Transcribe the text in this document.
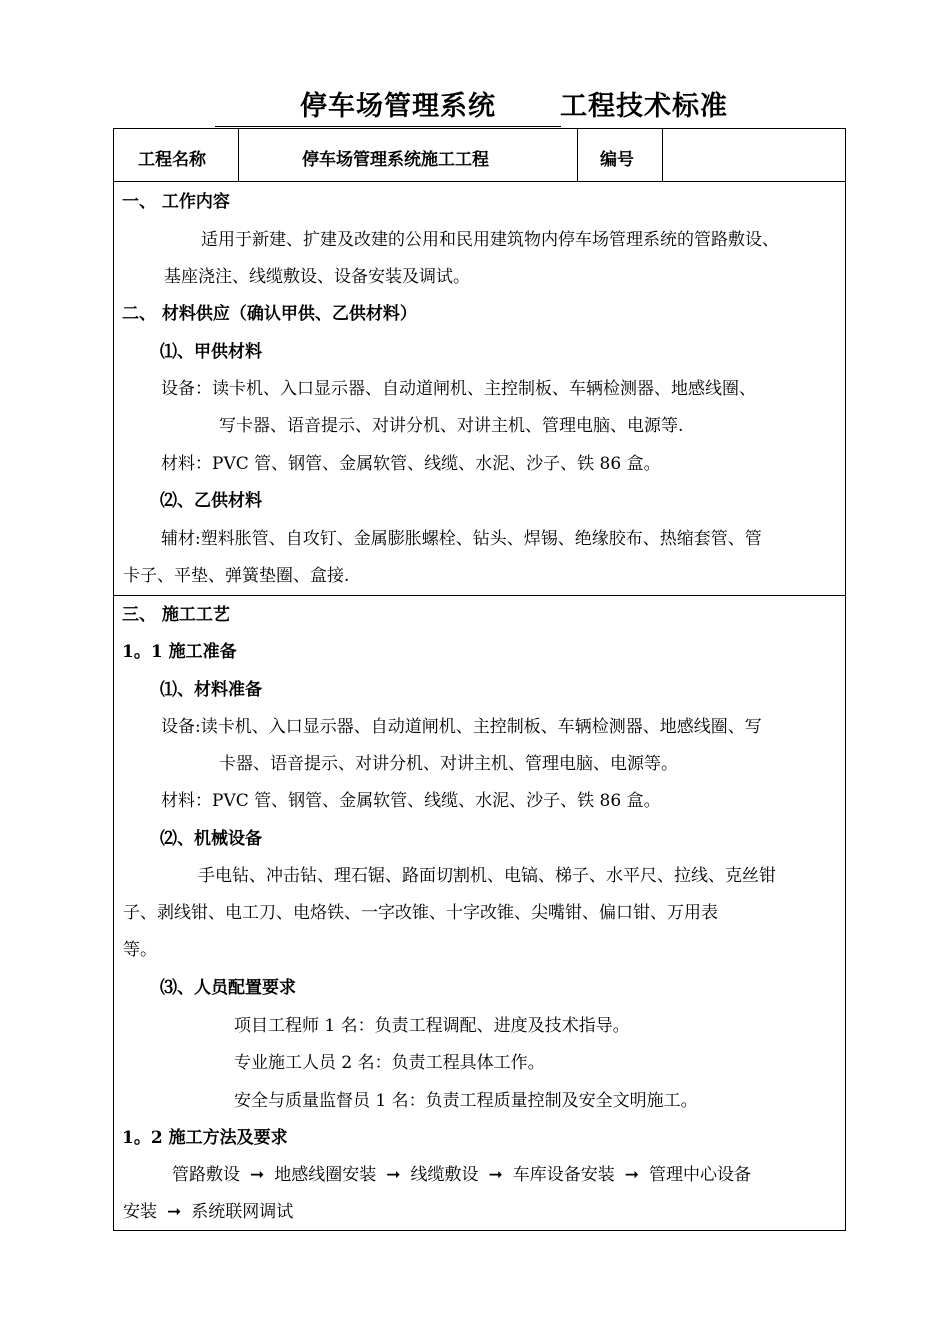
停车场管理系统 工程技术标准
工程名称	停车场管理系统施工工程	编号
一、 工作内容
适用于新建、扩建及改建的公用和民用建筑物内停车场管理系统的管路敷设、
基座浇注、线缆敷设、设备安装及调试。
二、 材料供应（确认甲供、乙供材料）
⑴、甲供材料
设备：读卡机、入口显示器、自动道闸机、主控制板、车辆检测器、地感线圈、
写卡器、语音提示、对讲分机、对讲主机、管理电脑、电源等.
材料：PVC 管、钢管、金属软管、线缆、水泥、沙子、铁 86 盒。
⑵、乙供材料
辅材:塑料胀管、自攻钉、金属膨胀螺栓、钻头、焊锡、绝缘胶布、热缩套管、管
卡子、平垫、弹簧垫圈、盒接.
三、 施工工艺
1。1 施工准备
⑴、材料准备
设备:读卡机、入口显示器、自动道闸机、主控制板、车辆检测器、地感线圈、写
卡器、语音提示、对讲分机、对讲主机、管理电脑、电源等。
材料：PVC 管、钢管、金属软管、线缆、水泥、沙子、铁 86 盒。
⑵、机械设备
手电钻、冲击钻、理石锯、路面切割机、电镐、梯子、水平尺、拉线、克丝钳
子、剥线钳、电工刀、电烙铁、一字改锥、十字改锥、尖嘴钳、偏口钳、万用表
等。
⑶、人员配置要求
项目工程师 1 名：负责工程调配、进度及技术指导。
专业施工人员 2 名：负责工程具体工作。
安全与质量监督员 1 名：负责工程质量控制及安全文明施工。
1。2 施工方法及要求
管路敷设 ➞ 地感线圈安装 ➞ 线缆敷设 ➞ 车库设备安装 ➞ 管理中心设备
安装 ➞ 系统联网调试
